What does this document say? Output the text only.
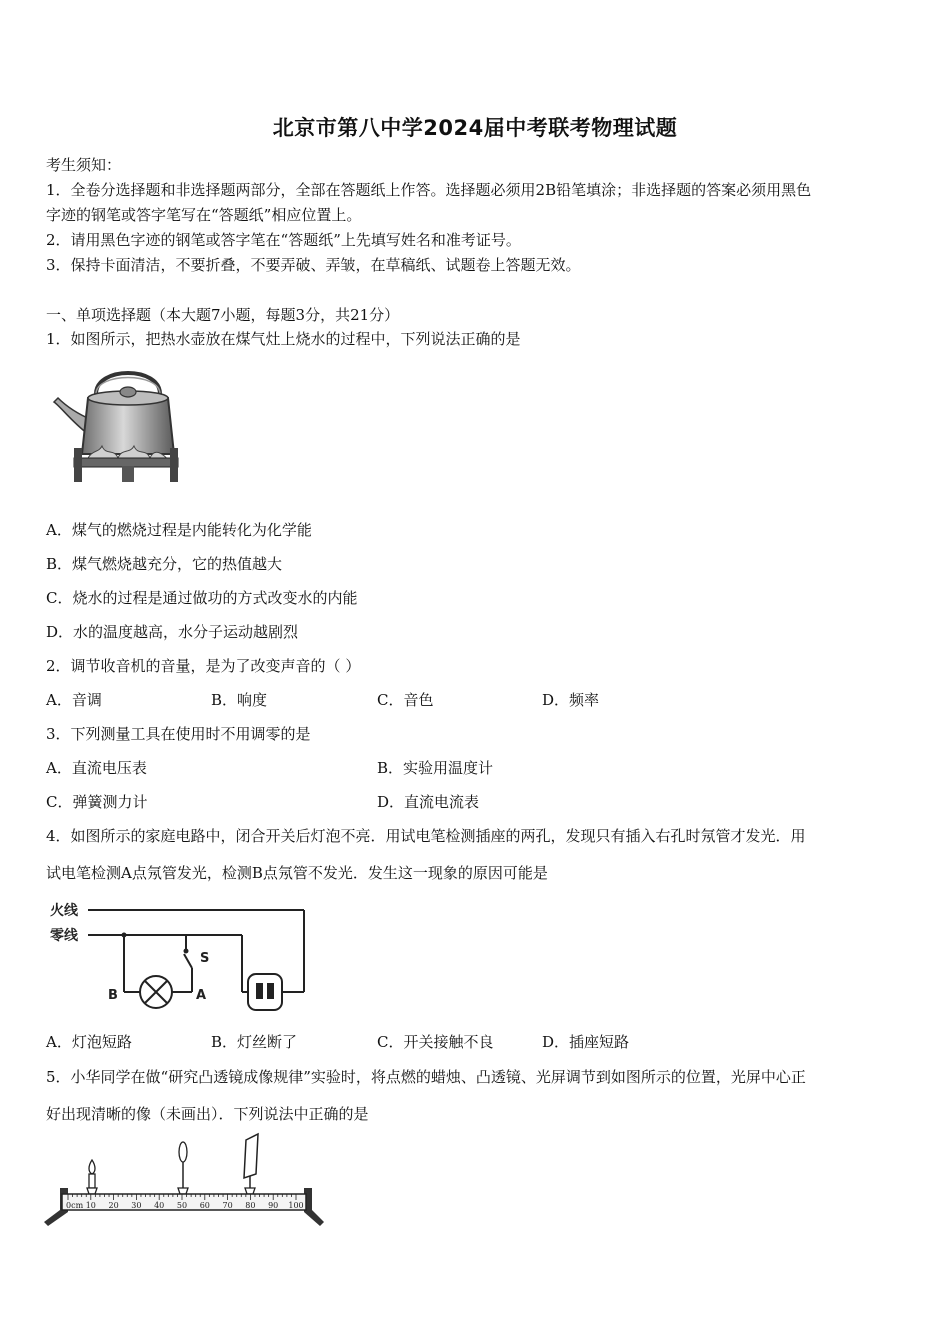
北京市第八中学2024届中考联考物理试题
考生须知：
1．全卷分选择题和非选择题两部分，全部在答题纸上作答。选择题必须用2B铅笔填涂；非选择题的答案必须用黑色
字迹的钢笔或答字笔写在“答题纸”相应位置上。
2．请用黑色字迹的钢笔或答字笔在“答题纸”上先填写姓名和准考证号。
3．保持卡面清洁，不要折叠，不要弄破、弄皱，在草稿纸、试题卷上答题无效。
一、单项选择题（本大题7小题，每题3分，共21分）
1．如图所示，把热水壶放在煤气灶上烧水的过程中，下列说法正确的是
A．煤气的燃烧过程是内能转化为化学能
B．煤气燃烧越充分，它的热值越大
C．烧水的过程是通过做功的方式改变水的内能
D．水的温度越高，水分子运动越剧烈
2．调节收音机的音量，是为了改变声音的（ ）
A．音调	B．响度	C．音色	D．频率
3．下列测量工具在使用时不用调零的是
A．直流电压表	B．实验用温度计
C．弹簧测力计	D．直流电流表
4．如图所示的家庭电路中，闭合开关后灯泡不亮．用试电笔检测插座的两孔，发现只有插入右孔时氖管才发光．用
试电笔检测A点氖管发光，检测B点氖管不发光．发生这一现象的原因可能是
火线
零线
B	A
S
A．灯泡短路	B．灯丝断了	C．开关接触不良	D．插座短路
5．小华同学在做“研究凸透镜成像规律”实验时，将点燃的蜡烛、凸透镜、光屏调节到如图所示的位置，光屏中心正
好出现清晰的像（未画出）．下列说法中正确的是
10 20 30 40 50 60 70 80 90 100
0cm
